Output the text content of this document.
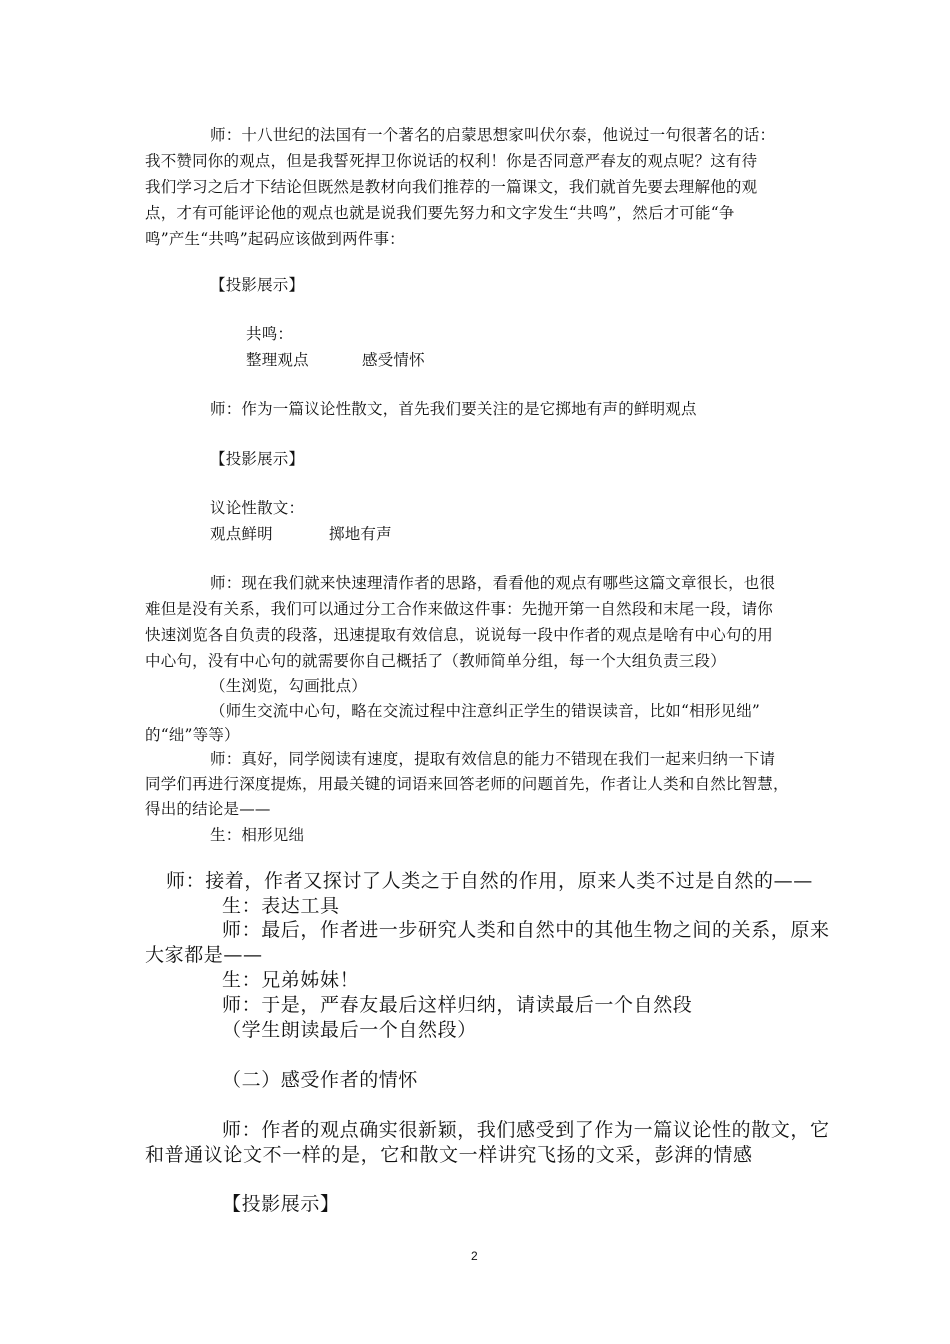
师：十八世纪的法国有一个著名的启蒙思想家叫伏尔泰，他说过一句很著名的话：

我不赞同你的观点，但是我誓死捍卫你说话的权利！你是否同意严春友的观点呢？这有待

我们学习之后才下结论但既然是教材向我们推荐的一篇课文，我们就首先要去理解他的观

点，才有可能评论他的观点也就是说我们要先努力和文字发生“共鸣”，然后才可能“争

鸣”产生“共鸣”起码应该做到两件事：

【投影展示】

共鸣：

整理观点	感受情怀

师：作为一篇议论性散文，首先我们要关注的是它掷地有声的鲜明观点

【投影展示】

议论性散文：

观点鲜明	掷地有声

师：现在我们就来快速理清作者的思路，看看他的观点有哪些这篇文章很长，也很

难但是没有关系，我们可以通过分工合作来做这件事：先抛开第一自然段和末尾一段，请你

快速浏览各自负责的段落，迅速提取有效信息，说说每一段中作者的观点是啥有中心句的用

中心句，没有中心句的就需要你自己概括了（教师简单分组，每一个大组负责三段）

（生浏览，勾画批点）

（师生交流中心句，略在交流过程中注意纠正学生的错误读音，比如“相形见绌”

的“绌”等等）

师：真好，同学阅读有速度，提取有效信息的能力不错现在我们一起来归纳一下请

同学们再进行深度提炼，用最关键的词语来回答老师的问题首先，作者让人类和自然比智慧，

得出的结论是——

生：相形见绌

师：接着，作者又探讨了人类之于自然的作用，原来人类不过是自然的——

生：表达工具

师：最后，作者进一步研究人类和自然中的其他生物之间的关系，原来

大家都是——

生：兄弟姊妹！

师：于是，严春友最后这样归纳，请读最后一个自然段

（学生朗读最后一个自然段）

（二）感受作者的情怀

师：作者的观点确实很新颖，我们感受到了作为一篇议论性的散文，它

和普通议论文不一样的是，它和散文一样讲究飞扬的文采，彭湃的情感

【投影展示】

2
